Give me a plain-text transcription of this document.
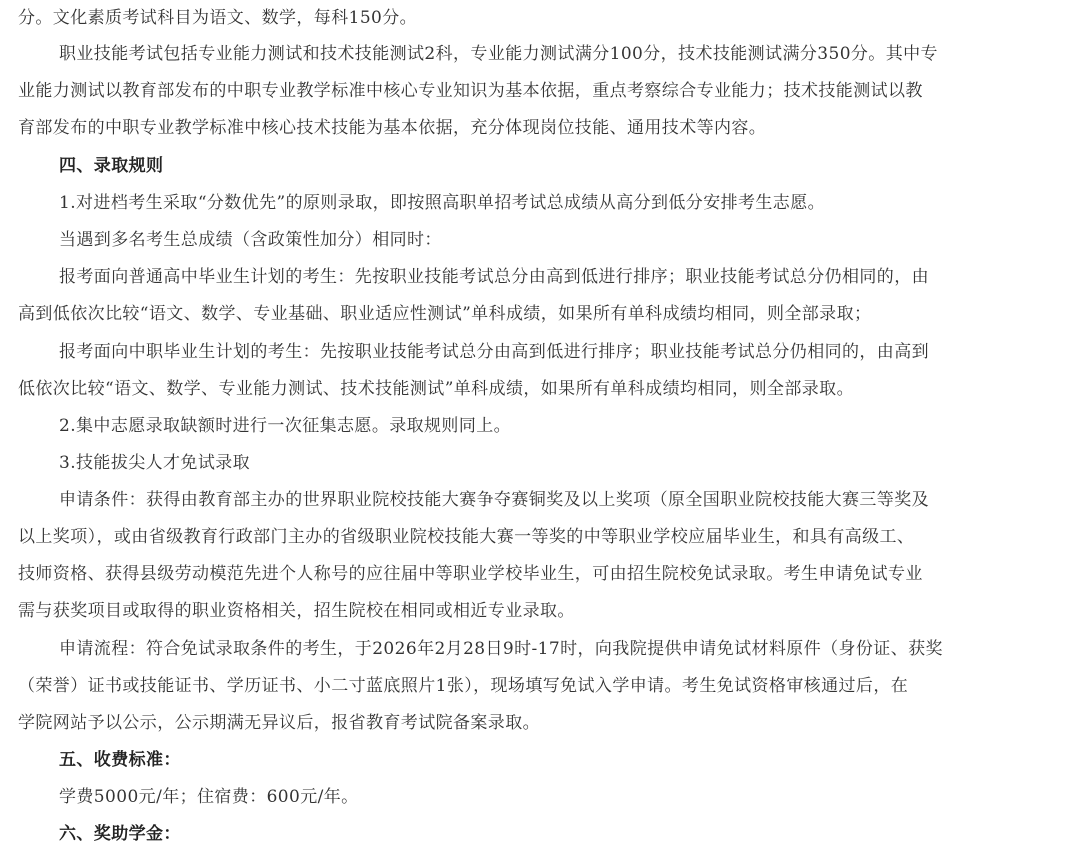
分。文化素质考试科目为语文、数学，每科150分。
职业技能考试包括专业能力测试和技术技能测试2科，专业能力测试满分100分，技术技能测试满分350分。其中专
业能力测试以教育部发布的中职专业教学标准中核心专业知识为基本依据，重点考察综合专业能力；技术技能测试以教
育部发布的中职专业教学标准中核心技术技能为基本依据，充分体现岗位技能、通用技术等内容。
四、录取规则
1.对进档考生采取“分数优先”的原则录取，即按照高职单招考试总成绩从高分到低分安排考生志愿。
当遇到多名考生总成绩（含政策性加分）相同时：
报考面向普通高中毕业生计划的考生：先按职业技能考试总分由高到低进行排序；职业技能考试总分仍相同的，由
高到低依次比较“语文、数学、专业基础、职业适应性测试”单科成绩，如果所有单科成绩均相同，则全部录取；
报考面向中职毕业生计划的考生：先按职业技能考试总分由高到低进行排序；职业技能考试总分仍相同的，由高到
低依次比较“语文、数学、专业能力测试、技术技能测试”单科成绩，如果所有单科成绩均相同，则全部录取。
2.集中志愿录取缺额时进行一次征集志愿。录取规则同上。
3.技能拔尖人才免试录取
申请条件：获得由教育部主办的世界职业院校技能大赛争夺赛铜奖及以上奖项（原全国职业院校技能大赛三等奖及
以上奖项），或由省级教育行政部门主办的省级职业院校技能大赛一等奖的中等职业学校应届毕业生，和具有高级工、
技师资格、获得县级劳动模范先进个人称号的应往届中等职业学校毕业生，可由招生院校免试录取。考生申请免试专业
需与获奖项目或取得的职业资格相关，招生院校在相同或相近专业录取。
申请流程：符合免试录取条件的考生，于2026年2月28日9时-17时，向我院提供申请免试材料原件（身份证、获奖
（荣誉）证书或技能证书、学历证书、小二寸蓝底照片1张），现场填写免试入学申请。考生免试资格审核通过后，在
学院网站予以公示，公示期满无异议后，报省教育考试院备案录取。
五、收费标准：
学费5000元/年；住宿费：600元/年。
六、奖助学金：
